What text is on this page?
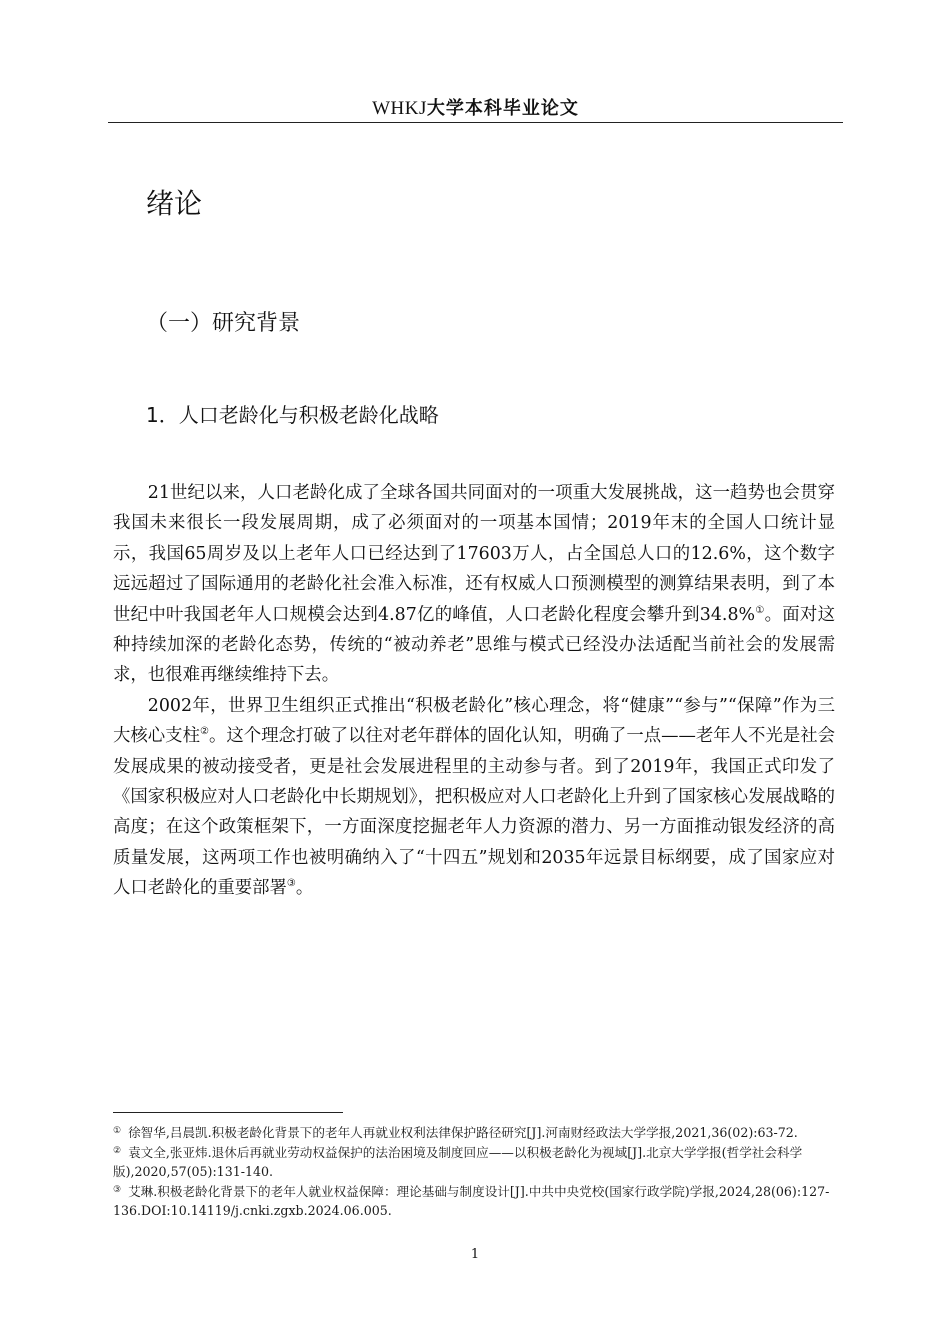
WHKJ大学本科毕业论文
绪论
（一）研究背景
1．人口老龄化与积极老龄化战略

21世纪以来，人口老龄化成了全球各国共同面对的一项重大发展挑战，这一趋势也会贯穿我国未来很长一段发展周期，成了必须面对的一项基本国情；2019年末的全国人口统计显示，我国65周岁及以上老年人口已经达到了17603万人，占全国总人口的12.6%，这个数字远远超过了国际通用的老龄化社会准入标准，还有权威人口预测模型的测算结果表明，到了本世纪中叶我国老年人口规模会达到4.87亿的峰值，人口老龄化程度会攀升到34.8%①。面对这种持续加深的老龄化态势，传统的“被动养老”思维与模式已经没办法适配当前社会的发展需求，也很难再继续维持下去。

2002年，世界卫生组织正式推出“积极老龄化”核心理念，将“健康”“参与”“保障”作为三大核心支柱②。这个理念打破了以往对老年群体的固化认知，明确了一点——老年人不光是社会发展成果的被动接受者，更是社会发展进程里的主动参与者。到了2019年，我国正式印发了《国家积极应对人口老龄化中长期规划》，把积极应对人口老龄化上升到了国家核心发展战略的高度；在这个政策框架下，一方面深度挖掘老年人力资源的潜力、另一方面推动银发经济的高质量发展，这两项工作也被明确纳入了“十四五”规划和2035年远景目标纲要，成了国家应对人口老龄化的重要部署③。

① 徐智华,吕晨凯.积极老龄化背景下的老年人再就业权利法律保护路径研究[J].河南财经政法大学学报,2021,36(02):63-72.

② 袁文全,张亚炜.退休后再就业劳动权益保护的法治困境及制度回应——以积极老龄化为视域[J].北京大学学报(哲学社会科学版),2020,57(05):131-140.

③ 艾琳.积极老龄化背景下的老年人就业权益保障：理论基础与制度设计[J].中共中央党校(国家行政学院)学报,2024,28(06):127-136.DOI:10.14119/j.cnki.zgxb.2024.06.005.

1
